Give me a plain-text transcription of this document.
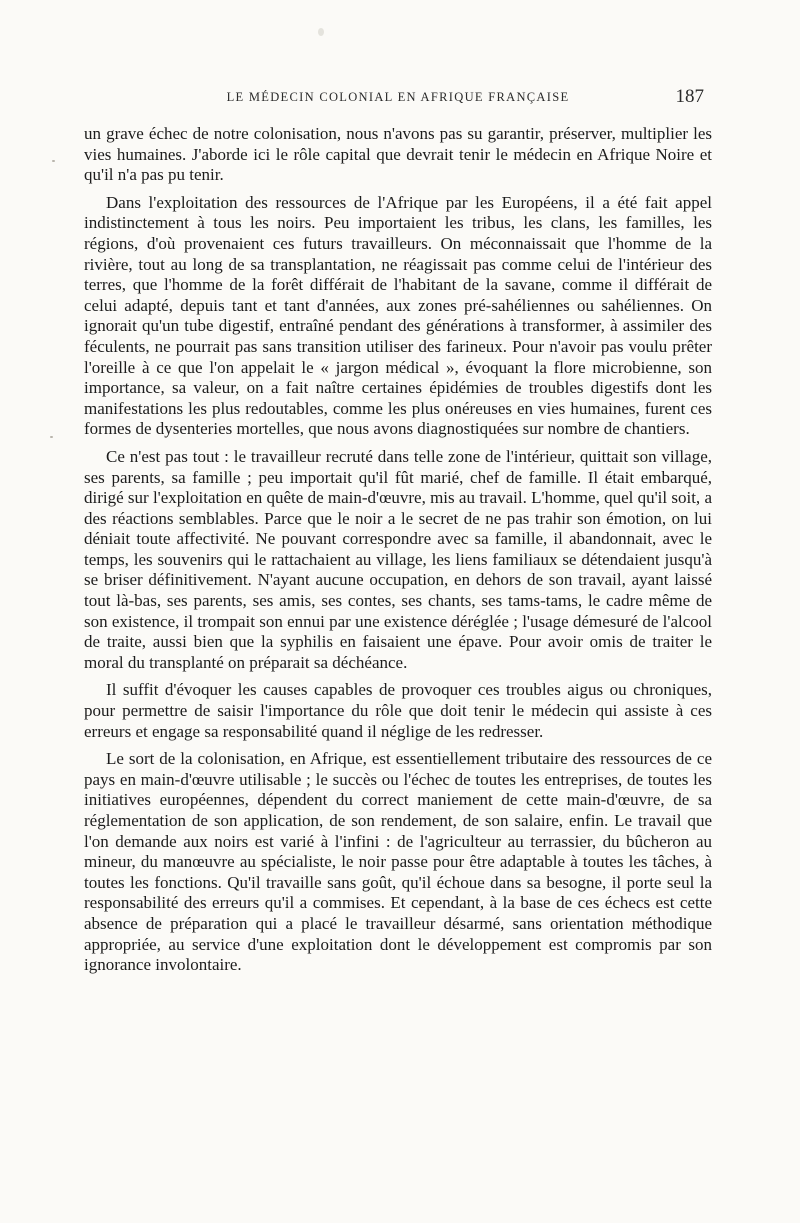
LE MÉDECIN COLONIAL EN AFRIQUE FRANÇAISE	187

un grave échec de notre colonisation, nous n'avons pas su garantir, préserver, multiplier les vies humaines. J'aborde ici le rôle capital que devrait tenir le médecin en Afrique Noire et qu'il n'a pas pu tenir.

Dans l'exploitation des ressources de l'Afrique par les Européens, il a été fait appel indistinctement à tous les noirs. Peu importaient les tribus, les clans, les familles, les régions, d'où provenaient ces futurs travailleurs. On méconnaissait que l'homme de la rivière, tout au long de sa transplantation, ne réagissait pas comme celui de l'intérieur des terres, que l'homme de la forêt différait de l'habitant de la savane, comme il différait de celui adapté, depuis tant et tant d'années, aux zones pré-sahéliennes ou sahéliennes. On ignorait qu'un tube digestif, entraîné pendant des générations à transformer, à assimiler des féculents, ne pourrait pas sans transition utiliser des farineux. Pour n'avoir pas voulu prêter l'oreille à ce que l'on appelait le « jargon médical », évoquant la flore microbienne, son importance, sa valeur, on a fait naître certaines épidémies de troubles digestifs dont les manifestations les plus redoutables, comme les plus onéreuses en vies humaines, furent ces formes de dysenteries mortelles, que nous avons diagnostiquées sur nombre de chantiers.

Ce n'est pas tout : le travailleur recruté dans telle zone de l'intérieur, quittait son village, ses parents, sa famille ; peu importait qu'il fût marié, chef de famille. Il était embarqué, dirigé sur l'exploitation en quête de main-d'œuvre, mis au travail. L'homme, quel qu'il soit, a des réactions semblables. Parce que le noir a le secret de ne pas trahir son émotion, on lui déniait toute affectivité. Ne pouvant correspondre avec sa famille, il abandonnait, avec le temps, les souvenirs qui le rattachaient au village, les liens familiaux se détendaient jusqu'à se briser définitivement. N'ayant aucune occupation, en dehors de son travail, ayant laissé tout là-bas, ses parents, ses amis, ses contes, ses chants, ses tams-tams, le cadre même de son existence, il trompait son ennui par une existence déréglée ; l'usage démesuré de l'alcool de traite, aussi bien que la syphilis en faisaient une épave. Pour avoir omis de traiter le moral du transplanté on préparait sa déchéance.

Il suffit d'évoquer les causes capables de provoquer ces troubles aigus ou chroniques, pour permettre de saisir l'importance du rôle que doit tenir le médecin qui assiste à ces erreurs et engage sa responsabilité quand il néglige de les redresser.

Le sort de la colonisation, en Afrique, est essentiellement tributaire des ressources de ce pays en main-d'œuvre utilisable ; le succès ou l'échec de toutes les entreprises, de toutes les initiatives européennes, dépendent du correct maniement de cette main-d'œuvre, de sa réglementation de son application, de son rendement, de son salaire, enfin. Le travail que l'on demande aux noirs est varié à l'infini : de l'agriculteur au terrassier, du bûcheron au mineur, du manœuvre au spécialiste, le noir passe pour être adaptable à toutes les tâches, à toutes les fonctions. Qu'il travaille sans goût, qu'il échoue dans sa besogne, il porte seul la responsabilité des erreurs qu'il a commises. Et cependant, à la base de ces échecs est cette absence de préparation qui a placé le travailleur désarmé, sans orientation méthodique appropriée, au service d'une exploitation dont le développement est compromis par son ignorance involontaire.
